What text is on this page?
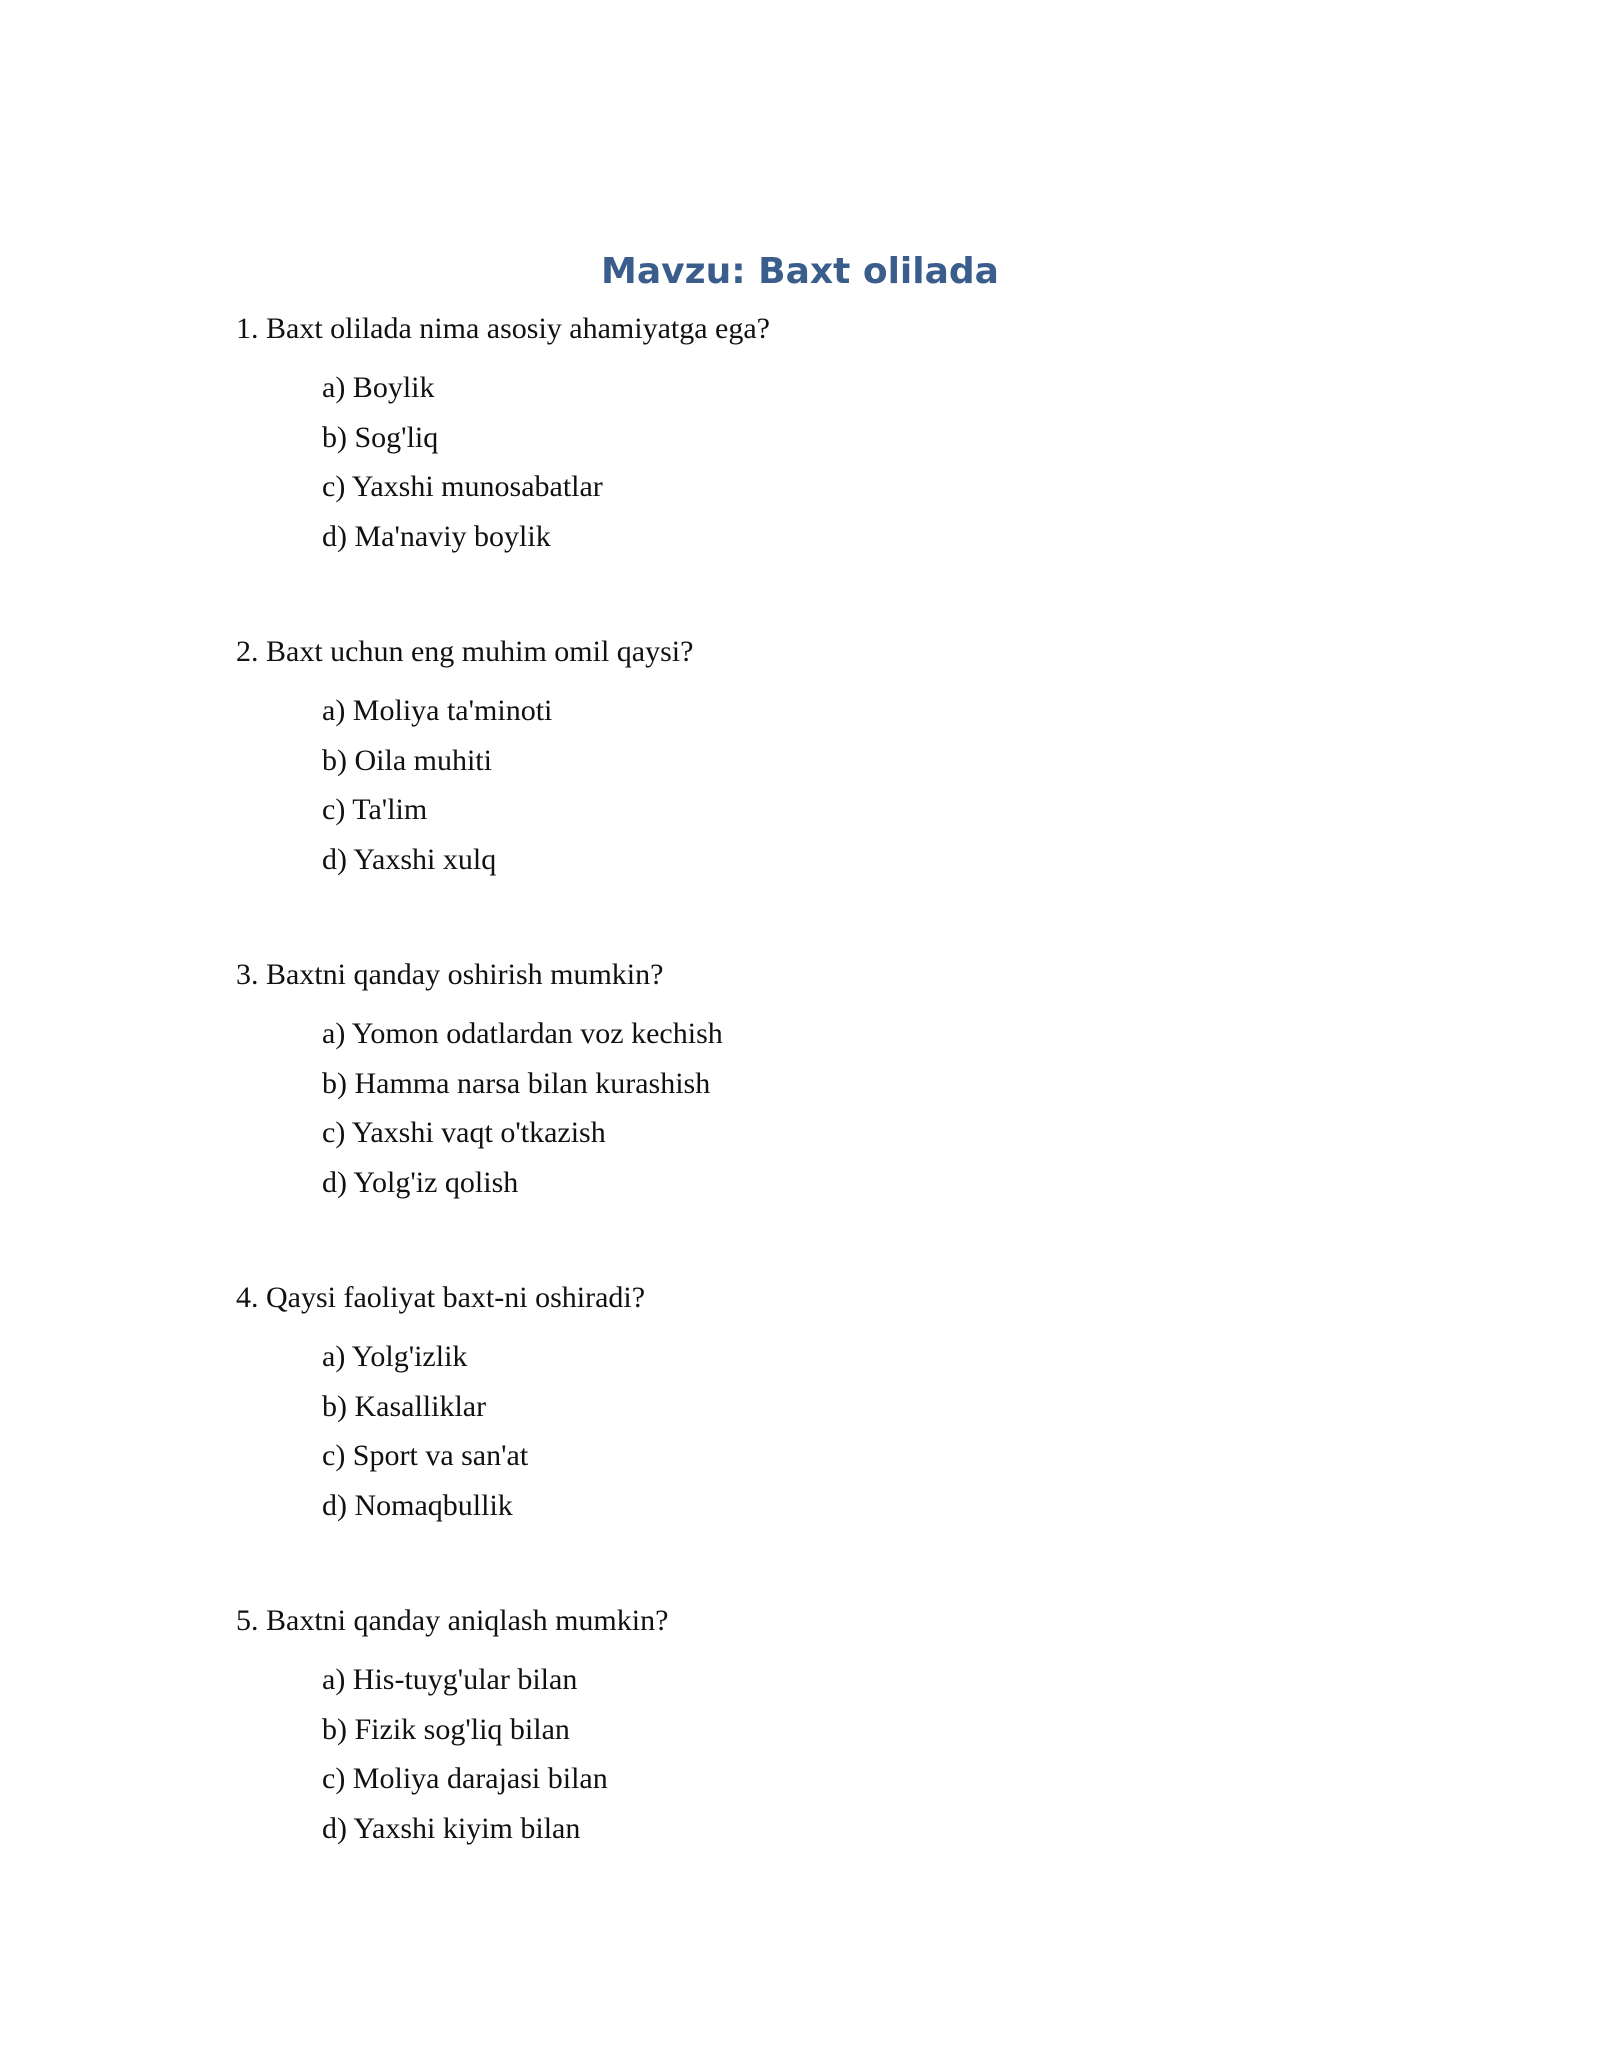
Mavzu: Baxt olilada

1. Baxt olilada nima asosiy ahamiyatga ega?

a) Boylik
b) Sog'liq
c) Yaxshi munosabatlar
d) Ma'naviy boylik

2. Baxt uchun eng muhim omil qaysi?

a) Moliya ta'minoti
b) Oila muhiti
c) Ta'lim
d) Yaxshi xulq

3. Baxtni qanday oshirish mumkin?

a) Yomon odatlardan voz kechish
b) Hamma narsa bilan kurashish
c) Yaxshi vaqt o'tkazish
d) Yolg'iz qolish

4. Qaysi faoliyat baxt-ni oshiradi?

a) Yolg'izlik
b) Kasalliklar
c) Sport va san'at
d) Nomaqbullik

5. Baxtni qanday aniqlash mumkin?

a) His-tuyg'ular bilan
b) Fizik sog'liq bilan
c) Moliya darajasi bilan
d) Yaxshi kiyim bilan
